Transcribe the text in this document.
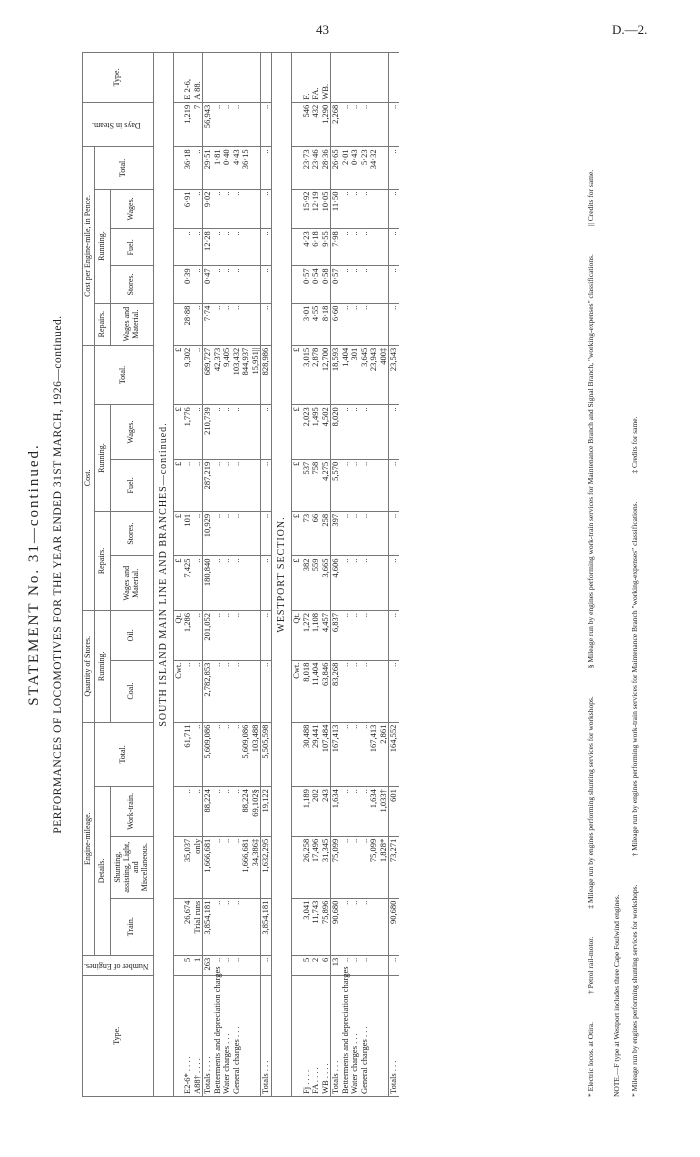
43	D.—2.
STATEMENT No. 31—continued. PERFORMANCES OF LOCOMOTIVES FOR THE YEAR ENDED 31ST MARCH, 1926—continued.
Type.	Number of Engines.	Engine-mileage.				Quantity of Stores.		Cost.					Cost per Engine-mile, in Pence.					Days in Steam.	Type.
		Details.			Total.	Running.		Repairs.		Running.		Total.	Repairs.	Running.			Total.		
		Train.	Shunting, assisting, Light, and Miscellaneous.	Work-train.		Coal.	Oil.	Wages and Material.	Stores.	Fuel.	Wages.		Wages and Material.	Stores.	Fuel.	Wages.			

SOUTH ISLAND MAIN LINE AND BRANCHES—continued.																			
						Cwt.	Qt.	£	£	£	£	£							
E2-6* . . . .	5	26,674	35,037	..	61,711	..	1,286	7,425	101	..	1,776	9,302	28·88	0·39	..	6·91	36·18	1,219	E 2-6,
A88† . . . .	1	Trial runs	only	..	..	..	..	..	..	..	..	..	..	..	..	..	..	7	A 88.
Totals . . . .	263	3,854,181	1,666,681	88,224	5,609,086	2,782,853	201,052	180,840	10,929	287,219	210,739	689,727	7·74	0·47	12·28	9·02	29·51	56,943	
Betterments and depreciation charges	..	..	..	..	..	..	..	..	..	..	..	42,373	..	..	..	..	1·81	..	
Water charges . . .	..	..	..	..	..	..	..	..	..	..	..	9,405	..	..	..	..	0·40	..	
General charges . . .	..	..	..	..	..	..	..	..	..	..	..	103,432	..	..	..	..	4·43	..	
			1,666,681	88,224	5,609,086							844,937					36·15		
			34,386‡	69,102§	103,488							15,951||							
Totals . . .	..	3,854,181	1,632,295	19,122	5,505,598	..	..	..	..	..	..	828,986	..	..	..	..	..	..	
WESTPORT SECTION.																			
						Cwt.	Qt.	£	£	£	£	£							
Fj . . . .	5	3,041	26,258	1,189	30,488	8,018	1,272	382	73	537	2,023	3,015	3·01	0·57	4·23	15·92	23·73	546	F.
FA . . . .	2	11,743	17,496	202	29,441	11,404	1,108	559	66	758	1,495	2,878	4·55	0·54	6·18	12·19	23·46	432	FA.
WB . . . .	6	75,896	31,345	243	107,484	63,846	4,457	3,665	258	4,275	4,502	12,700	8·18	0·58	9·55	10·05	28·36	1,290	WB.
Totals . . .	13	90,680	75,099	1,634	167,413	83,268	6,837	4,606	397	5,570	8,020	18,593	6·60	0·57	7·98	11·50	26·65	2,268	
Betterments and depreciation charges	..	..	..	..	..	..	..	..	..	..	..	1,404	..	..	..	..	2·01	..	
Water charges . . .	..	..	..	..	..	..	..	..	..	..	..	301	..	..	..	..	0·43	..	
General charges . . .	..	..	..	..	..	..	..	..	..	..	..	3,645	..	..	..	..	5·23	..	
			75,099	1,634	167,413							23,943					34·32		
			1,828*	1,033†	2,861							400‡							
Totals . . .	..	90,680	73,271	601	164,552	..	..	..	..	..	..	23,543	..	..	..	..	..	..	
* Electric locos. at Otira.† Petrol rail-motor.‡ Mileage run by engines performing shunting services for workshops.§ Mileage run by engines performing work-train services for Maintenance Branch and Signal Branch, "working-expenses" classifications.|| Credits for same.
NOTE.—F type at Westport includes three Cape Foulwind engines. * Mileage run by engines performing shunting services for workshops.† Mileage run by engines performing work-train services for Maintenance Branch "working-expenses" classifications.‡ Credits for same.
